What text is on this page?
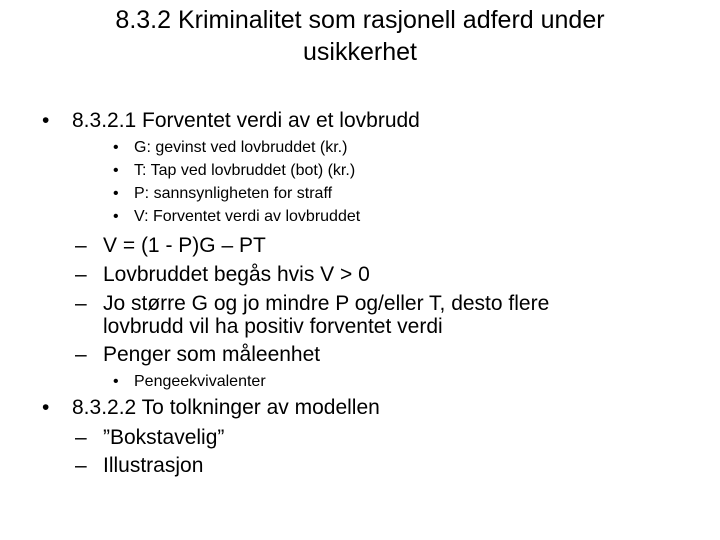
8.3.2 Kriminalitet som rasjonell adferd under
usikkerhet
• 8.3.2.1 Forventet verdi av et lovbrudd
• G: gevinst ved lovbruddet (kr.)
• T: Tap ved lovbruddet (bot) (kr.)
• P: sannsynligheten for straff
• V: Forventet verdi av lovbruddet
– V = (1 - P)G – PT
– Lovbruddet begås hvis V > 0
– Jo større G og jo mindre P og/eller T, desto flere
lovbrudd vil ha positiv forventet verdi
– Penger som måleenhet
• Pengeekvivalenter
• 8.3.2.2 To tolkninger av modellen
– ”Bokstavelig”
– Illustrasjon
